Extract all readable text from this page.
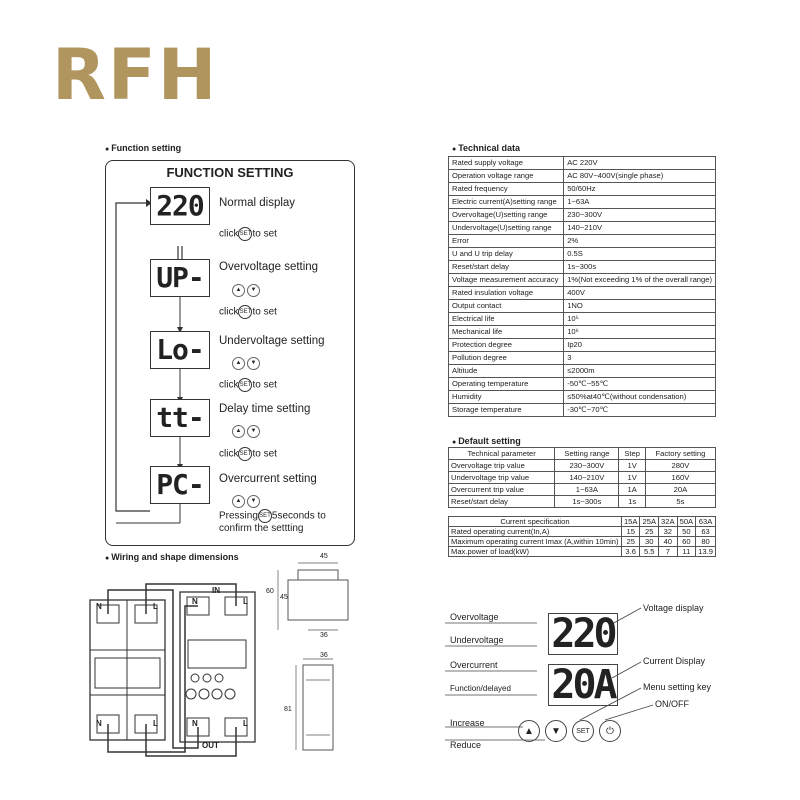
RFH
● Function setting
FUNCTION SETTING
220	Normal display
clickSETto set
UP-	Overvoltage setting
▲ ▼
clickSETto set
Lo-	Undervoltage setting
▲ ▼
clickSETto set
tt-	Delay time setting
▲ ▼
clickSETto set
PC-	Overcurrent setting
▲ ▼
PressingSET5seconds to confirm the settting
● Wiring and shape dimensions
N	L
N
IN
L
N	L	N	L
OUT
45
60
45
36
36
81
● Technical data
Rated supply voltage	AC 220V
Operation voltage range	AC 80V~400V(single phase)
Rated frequency	50/60Hz
Electric current(A)setting range	1~63A
Overvoltage(U)setting range	230~300V
Undervoltage(U)setting range	140~210V
Error	2%
U and U trip delay	0.5S
Reset/start delay	1s~300s
Voltage measurement accuracy	1%(Not exceeding 1% of the overall range)
Rated insulation voltage	400V
Output contact	1NO
Electrical life	10⁵
Mechanical life	10⁶
Protection degree	Ip20
Pollution degree	3
Altitude	≤2000m
Operating temperature	-50℃~55℃
Humidity	≤50%at40℃(without condensation)
Storage temperature	-30℃~70℃
● Default setting
Technical parameter	Setting range	Step	Factory setting
Overvoltage trip value	230~300V	1V	280V
Undervoltage trip value	140~210V	1V	160V
Overcurrent trip value	1~63A	1A	20A
Reset/start delay	1s~300s	1s	5s
Current specification	15A	25A	32A	50A	63A
Rated operating current(In,A)	15	25	32	50	63
Maximum operating current Imax (A,within 10min)	25	30	40	60	80
Max.power of load(kW)	3.6	5.5	7	11	13.9
Overvoltage
Undervoltage
Overcurrent
Function/delayed
Voltage display
Current Display
Menu setting key
ON/OFF
Increase
Reduce
220
20A
▲ ▼	SET	⏻
